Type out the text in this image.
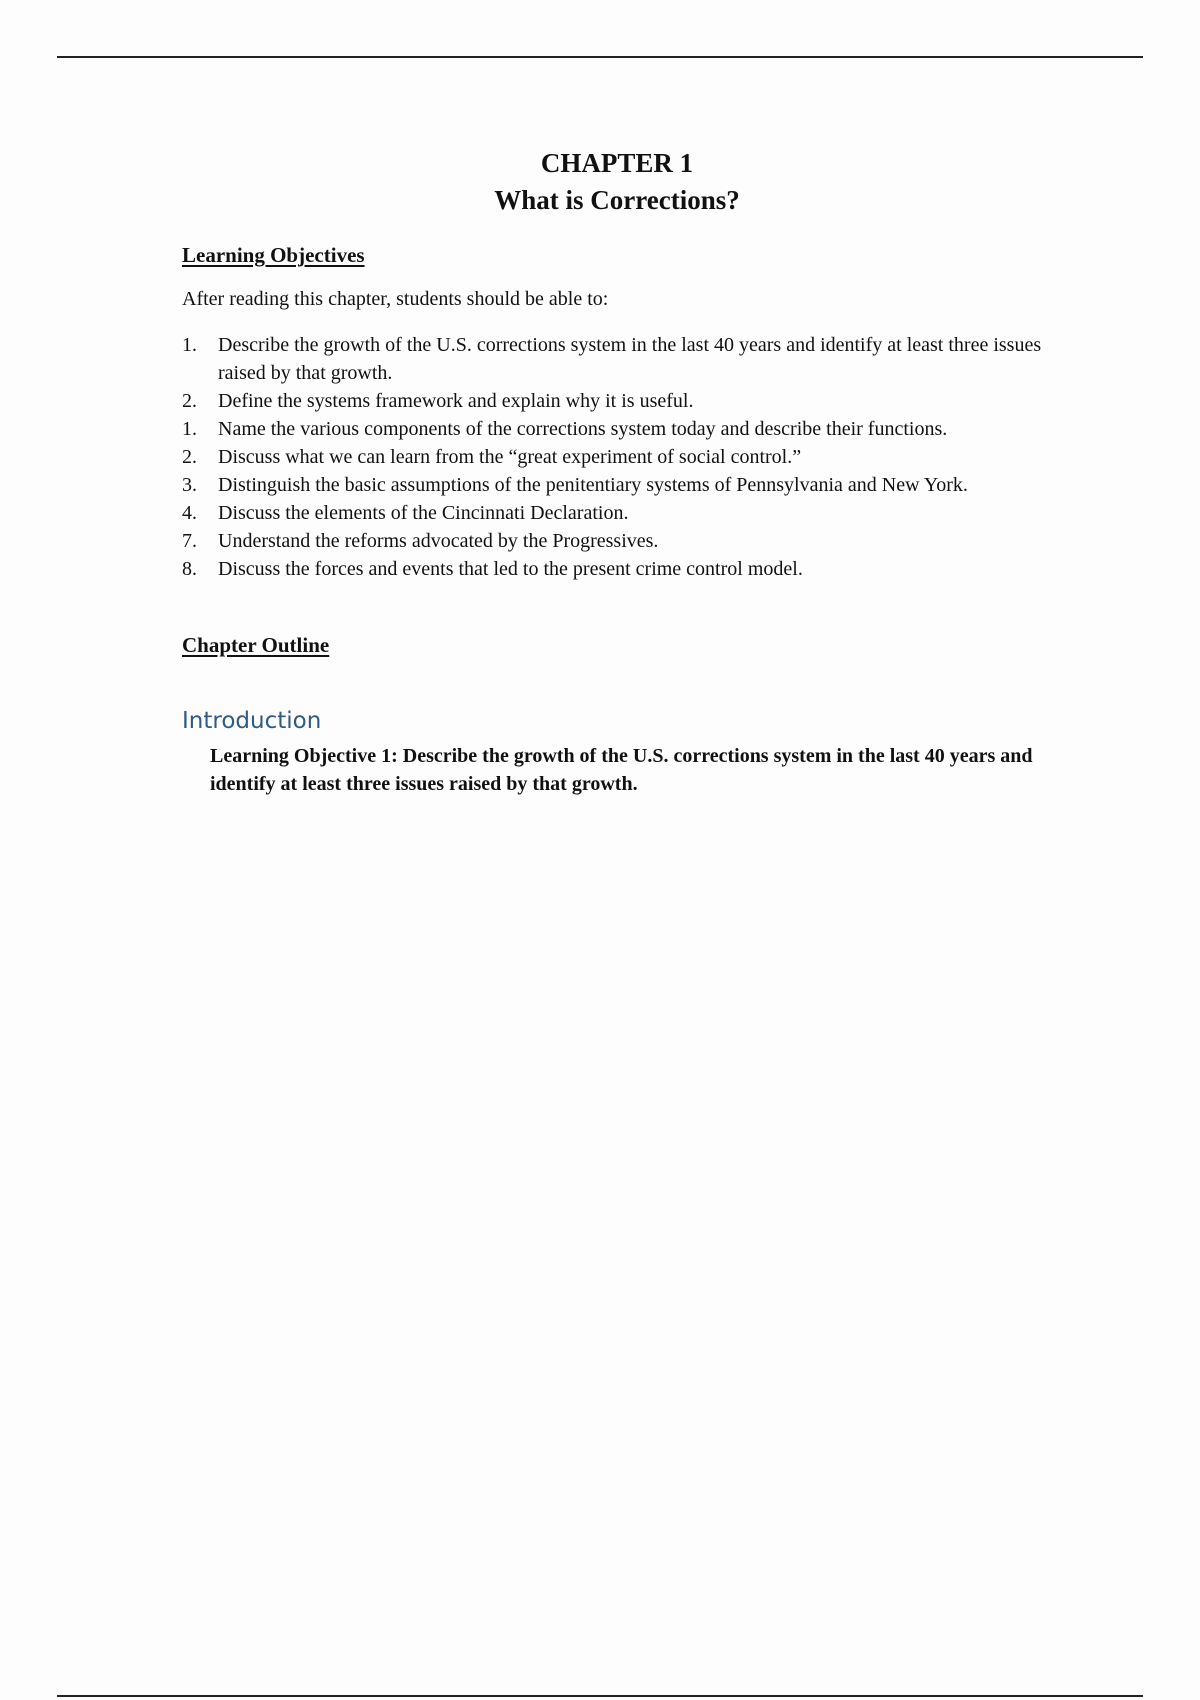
CHAPTER 1
What is Corrections?
Learning Objectives
After reading this chapter, students should be able to:
1. Describe the growth of the U.S. corrections system in the last 40 years and identify at least three issues raised by that growth.
2. Define the systems framework and explain why it is useful.
1. Name the various components of the corrections system today and describe their functions.
2. Discuss what we can learn from the “great experiment of social control.”
3. Distinguish the basic assumptions of the penitentiary systems of Pennsylvania and New York.
4. Discuss the elements of the Cincinnati Declaration.
7. Understand the reforms advocated by the Progressives.
8. Discuss the forces and events that led to the present crime control model.
Chapter Outline
Introduction
Learning Objective 1: Describe the growth of the U.S. corrections system in the last 40 years and identify at least three issues raised by that growth.
